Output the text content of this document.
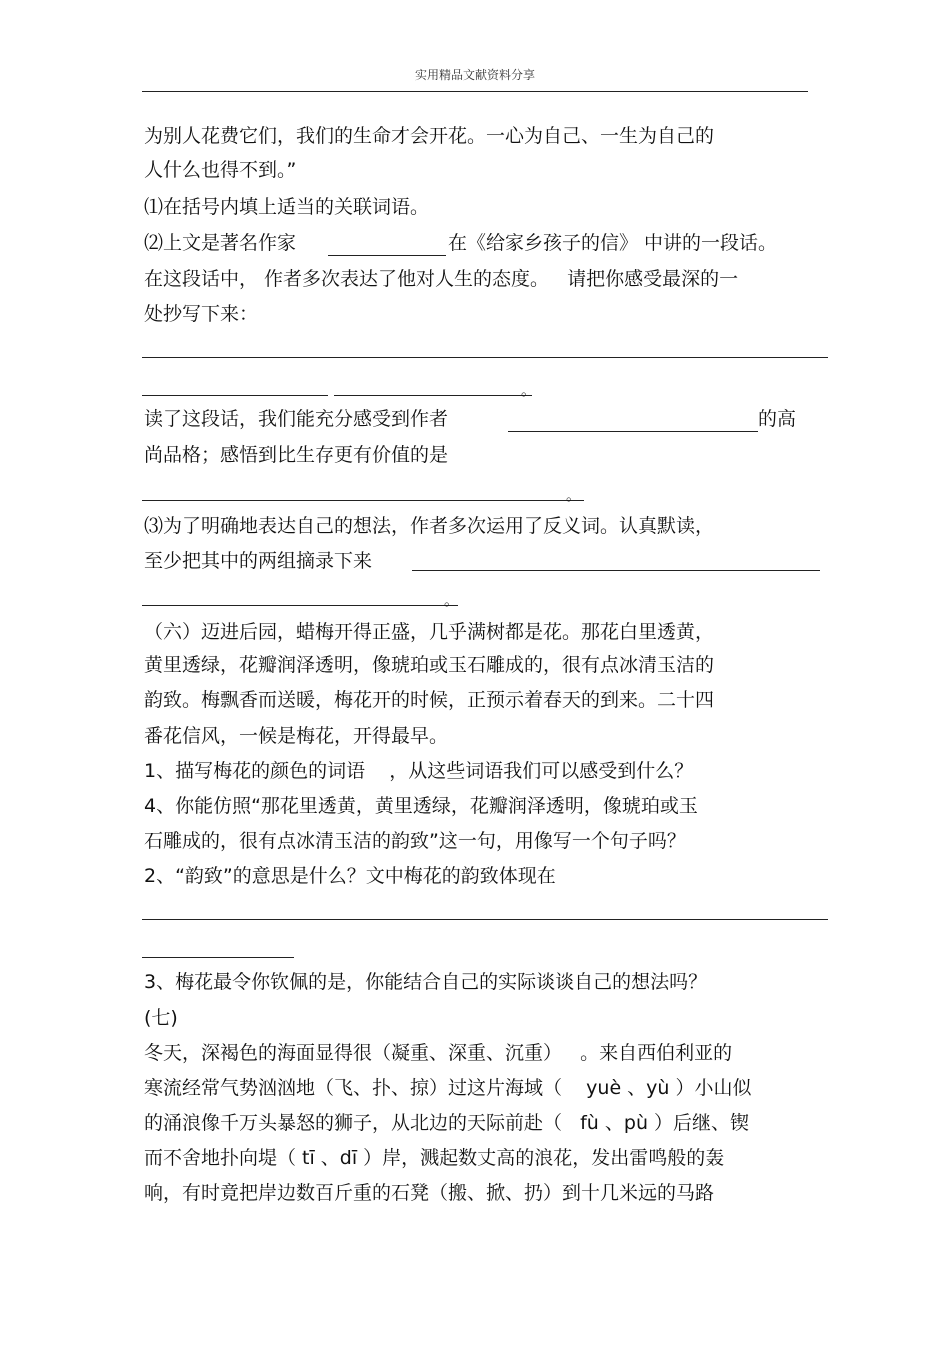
实用精品文献资料分享
为别人花费它们，我们的生命才会开花。一心为自己、一生为自己的
人什么也得不到。”
⑴在括号内填上适当的关联词语。
⑵上文是著名作家	在《给家乡孩子的信》 中讲的一段话。
在这段话中， 作者多次表达了他对人生的态度。   请把你感受最深的一
处抄写下来：
。
读了这段话，我们能充分感受到作者	的高
尚品格；感悟到比生存更有价值的是
。
⑶为了明确地表达自己的想法，作者多次运用了反义词。认真默读，
至少把其中的两组摘录下来
。
（六）迈进后园，蜡梅开得正盛，几乎满树都是花。那花白里透黄，
黄里透绿，花瓣润泽透明，像琥珀或玉石雕成的，很有点冰清玉洁的
韵致。梅飘香而送暖，梅花开的时候，正预示着春天的到来。二十四
番花信风，一候是梅花，开得最早。
1、描写梅花的颜色的词语    ，从这些词语我们可以感受到什么？
4、你能仿照“那花里透黄，黄里透绿，花瓣润泽透明，像琥珀或玉
石雕成的，很有点冰清玉洁的韵致”这一句，用像写一个句子吗？
2、“韵致”的意思是什么？文中梅花的韵致体现在
3、梅花最令你钦佩的是，你能结合自己的实际谈谈自己的想法吗？
(七)
冬天，深褐色的海面显得很（凝重、深重、沉重）   。来自西伯利亚的
寒流经常气势汹汹地（飞、扑、掠）过这片海域（    yuè 、yù ）小山似
的涌浪像千万头暴怒的狮子，从北边的天际前赴（   fù 、pù ）后继、锲
而不舍地扑向堤（ tī 、dī ）岸，溅起数丈高的浪花，发出雷鸣般的轰
响，有时竟把岸边数百斤重的石凳（搬、掀、扔）到十几米远的马路
